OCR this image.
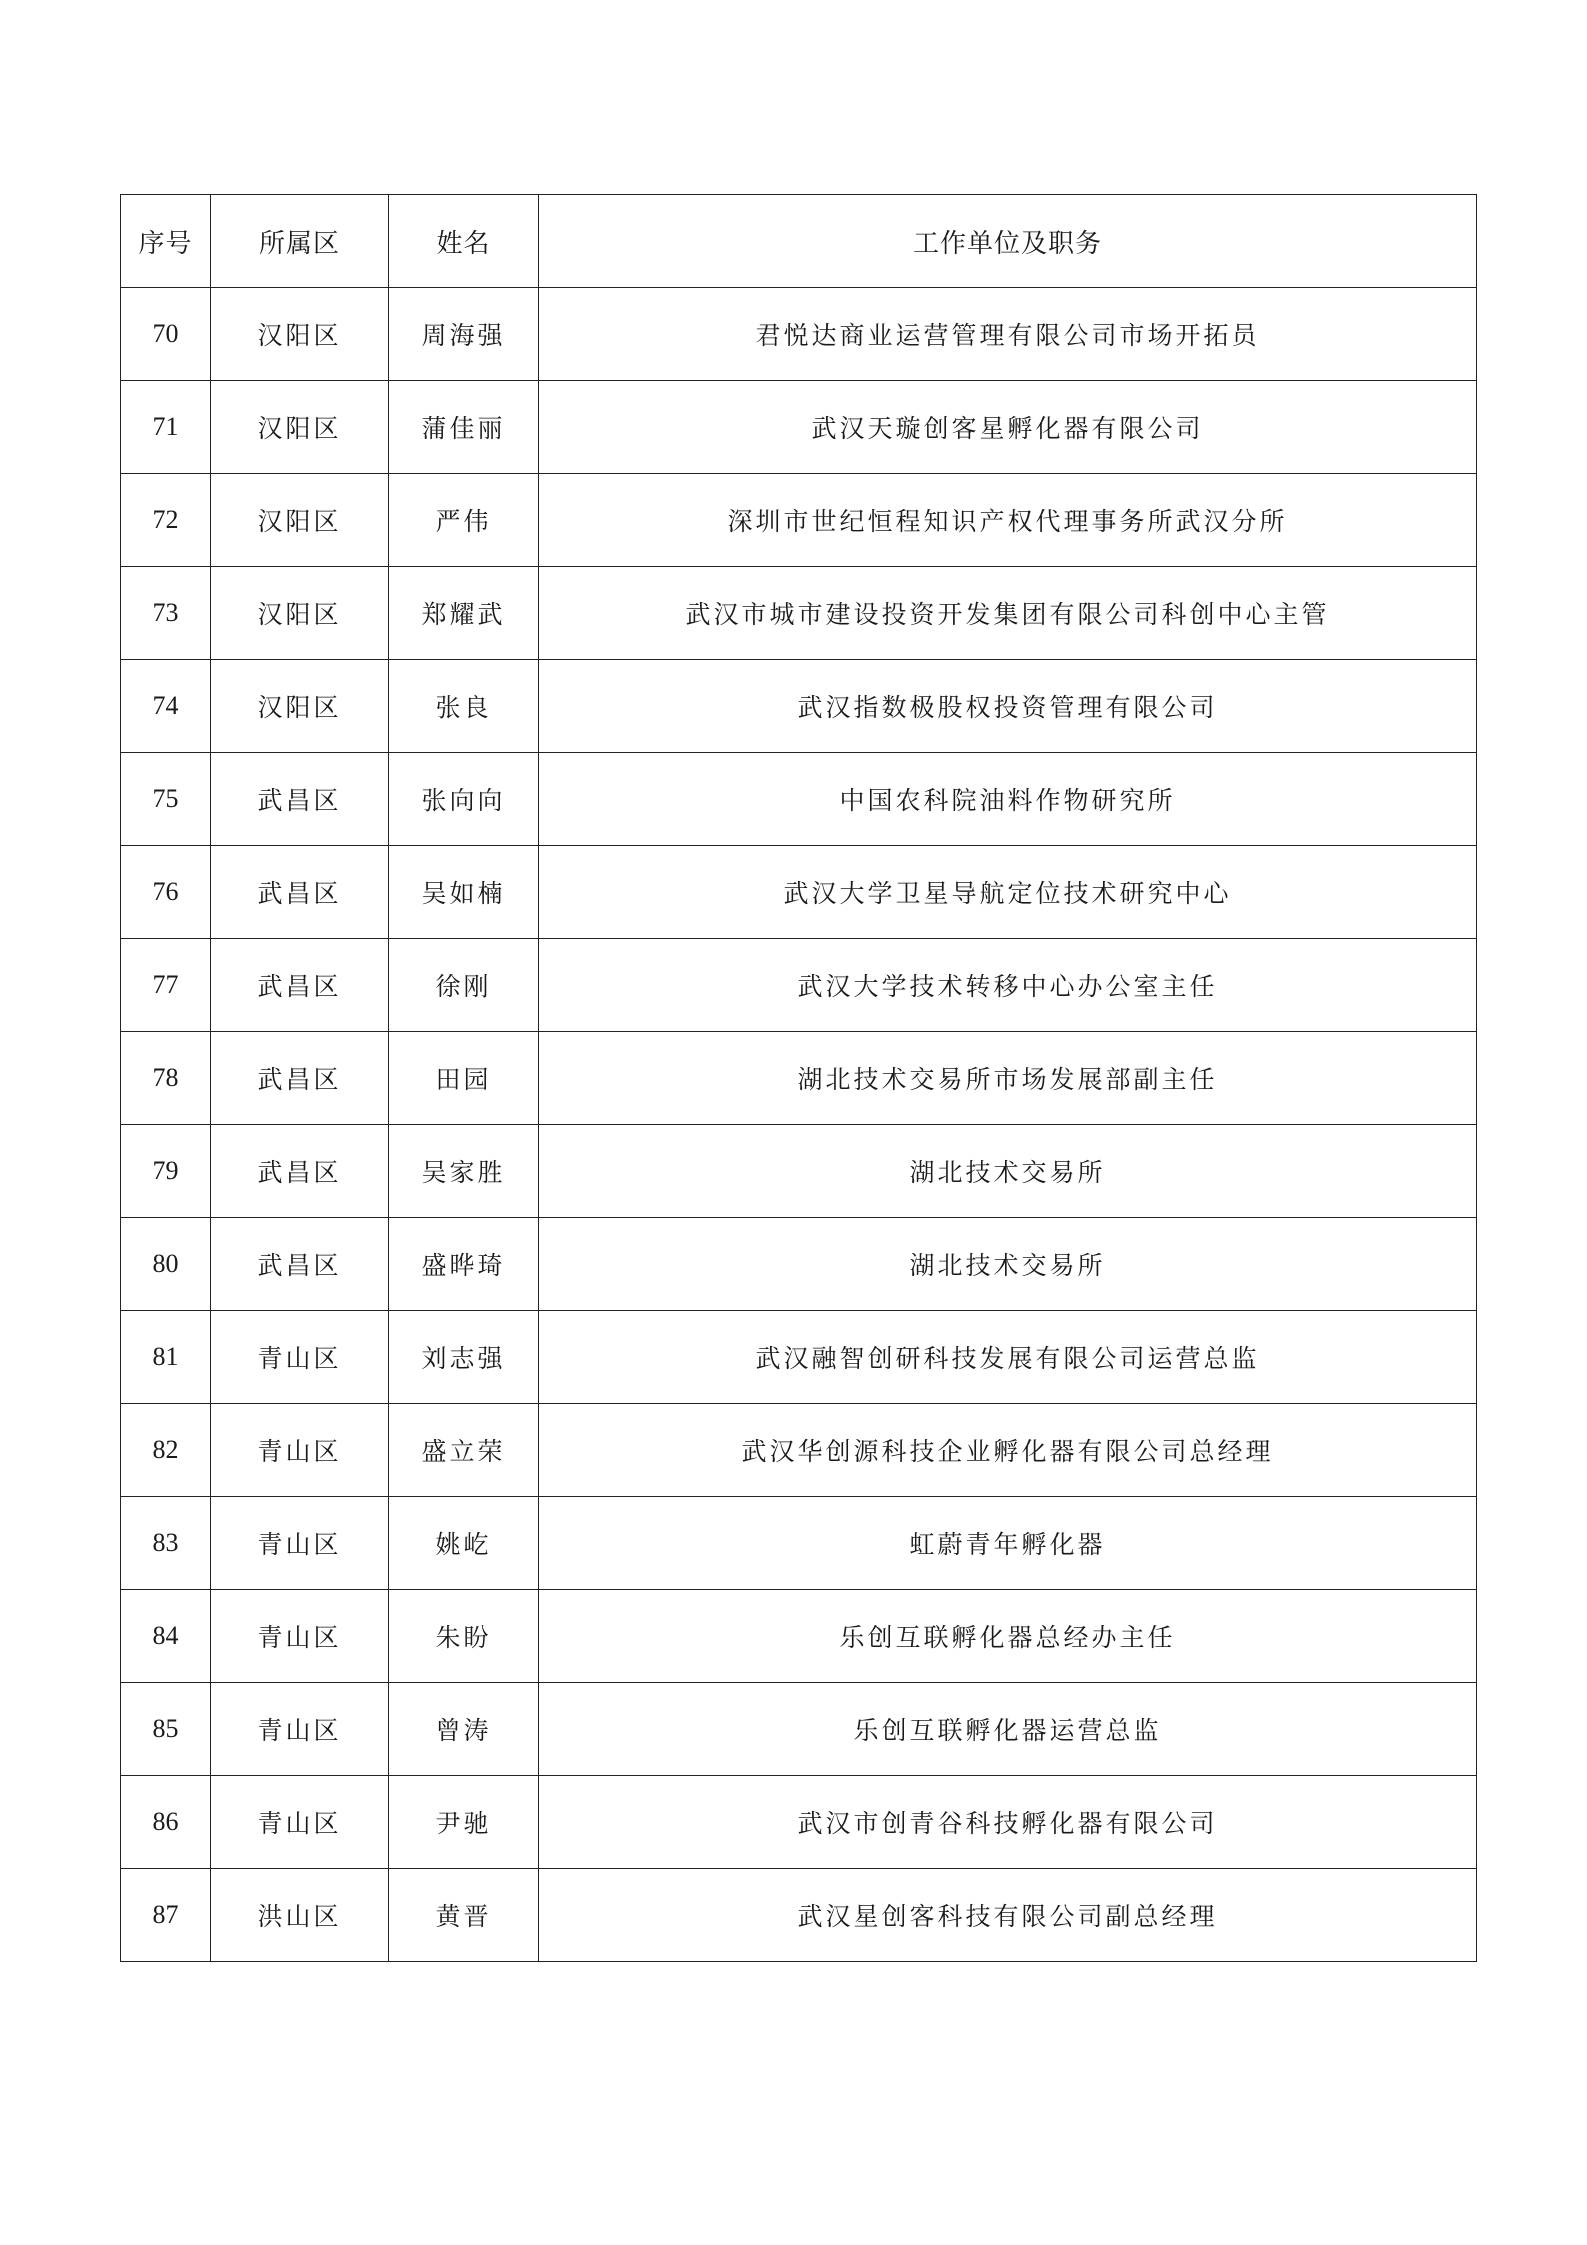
序号	所属区	姓名	工作单位及职务
70	汉阳区	周海强	君悦达商业运营管理有限公司市场开拓员
71	汉阳区	蒲佳丽	武汉天璇创客星孵化器有限公司
72	汉阳区	严伟	深圳市世纪恒程知识产权代理事务所武汉分所
73	汉阳区	郑耀武	武汉市城市建设投资开发集团有限公司科创中心主管
74	汉阳区	张良	武汉指数极股权投资管理有限公司
75	武昌区	张向向	中国农科院油料作物研究所
76	武昌区	吴如楠	武汉大学卫星导航定位技术研究中心
77	武昌区	徐刚	武汉大学技术转移中心办公室主任
78	武昌区	田园	湖北技术交易所市场发展部副主任
79	武昌区	吴家胜	湖北技术交易所
80	武昌区	盛晔琦	湖北技术交易所
81	青山区	刘志强	武汉融智创研科技发展有限公司运营总监
82	青山区	盛立荣	武汉华创源科技企业孵化器有限公司总经理
83	青山区	姚屹	虹蔚青年孵化器
84	青山区	朱盼	乐创互联孵化器总经办主任
85	青山区	曾涛	乐创互联孵化器运营总监
86	青山区	尹驰	武汉市创青谷科技孵化器有限公司
87	洪山区	黄晋	武汉星创客科技有限公司副总经理
